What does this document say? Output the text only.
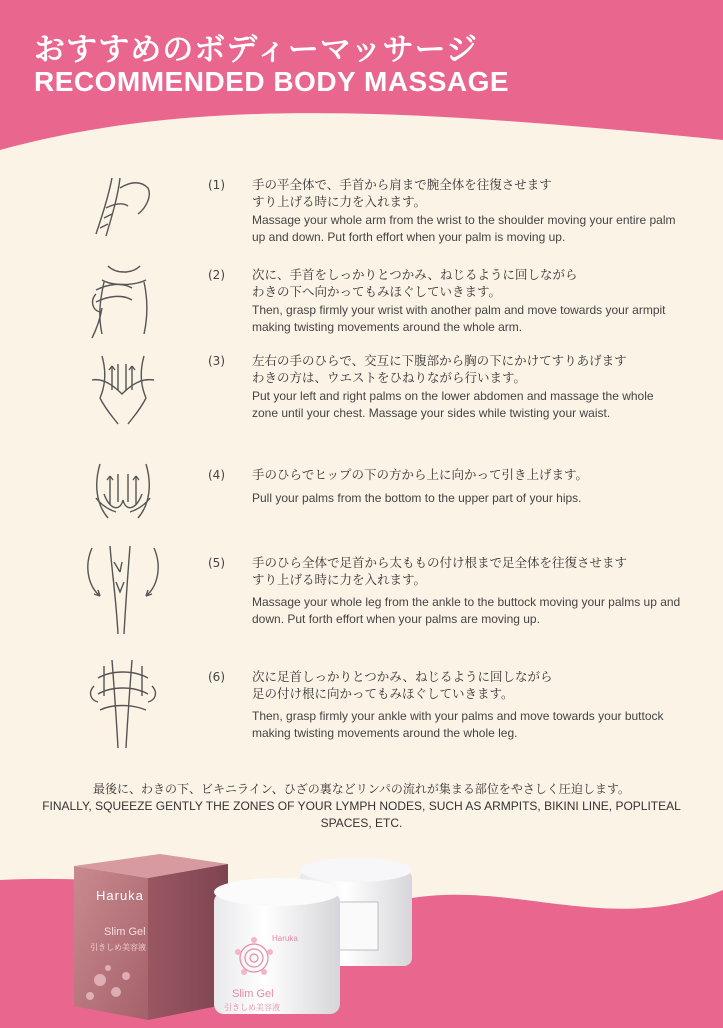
おすすめのボディーマッサージ
RECOMMENDED BODY MASSAGE
(1) 手の平全体で、手首から肩まで腕全体を往復させます
すり上げる時に力を入れます。
Massage your whole arm from the wrist to the shoulder moving your entire palm up and down. Put forth effort when your palm is moving up.
(2) 次に、手首をしっかりとつかみ、ねじるように回しながら
わきの下へ向かってもみほぐしていきます。
Then, grasp firmly your wrist with another palm and move towards your armpit making twisting movements around the whole arm.
(3) 左右の手のひらで、交互に下腹部から胸の下にかけてすりあげます
わきの方は、ウエストをひねりながら行います。
Put your left and right palms on the lower abdomen and massage the whole zone until your chest. Massage your sides while twisting your waist.
(4) 手のひらでヒップの下の方から上に向かって引き上げます。
Pull your palms from the bottom to the upper part of your hips.
(5) 手のひら全体で足首から太ももの付け根まで足全体を往復させます
すり上げる時に力を入れます。
Massage your whole leg from the ankle to the buttock moving your palms up and down. Put forth effort when your palms are moving up.
(6) 次に足首しっかりとつかみ、ねじるように回しながら
足の付け根に向かってもみほぐしていきます。
Then, grasp firmly your ankle with your palms and move towards your buttock making twisting movements around the whole leg.
最後に、わきの下、ビキニライン、ひざの裏などリンパの流れが集まる部位をやさしく圧迫します。
FINALLY, SQUEEZE GENTLY THE ZONES OF YOUR LYMPH NODES, SUCH AS ARMPITS, BIKINI LINE, POPLITEAL SPACES, ETC.
Haruka
Slim Gel
引きしめ美容液
Haruka
Slim Gel
引きしめ美容液
